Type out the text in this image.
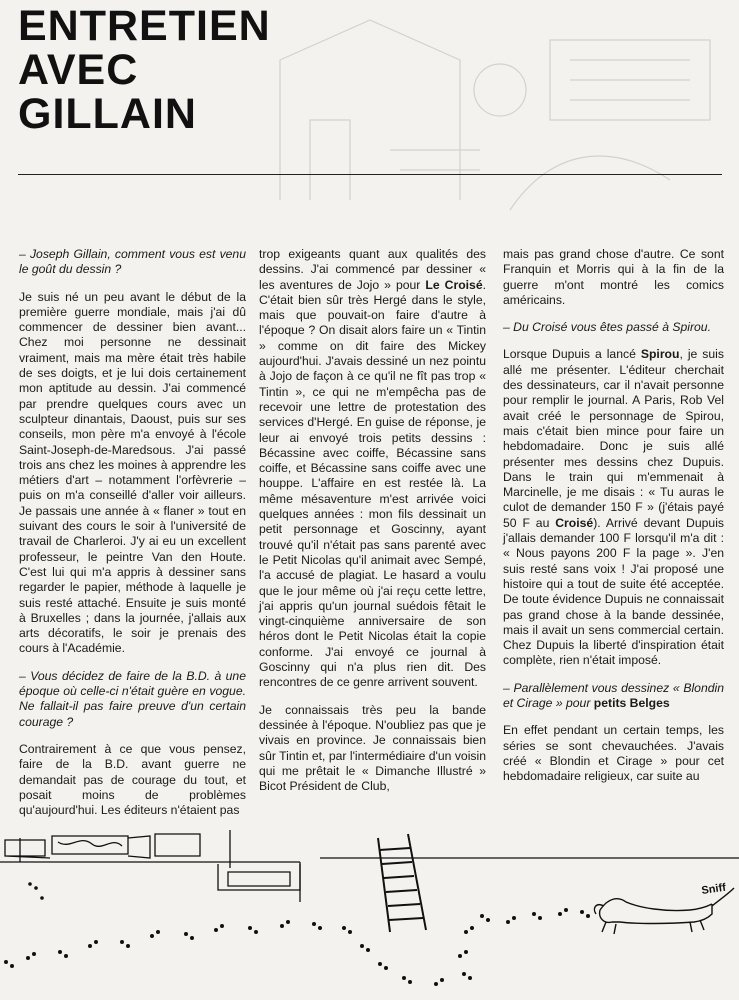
ENTRETIEN
AVEC
GILLAIN

– Joseph Gillain, comment vous est venu le goût du dessin ?

Je suis né un peu avant le début de la première guerre mondiale, mais j'ai dû commencer de dessiner bien avant... Chez moi personne ne dessinait vraiment, mais ma mère était très habile de ses doigts, et je lui dois certainement mon aptitude au dessin. J'ai commencé par prendre quelques cours avec un sculpteur dinantais, Daoust, puis sur ses conseils, mon père m'a envoyé à l'école Saint-Joseph-de-Maredsous. J'ai passé trois ans chez les moines à apprendre les métiers d'art – notamment l'orfèvrerie – puis on m'a conseillé d'aller voir ailleurs. Je passais une année à « flaner » tout en suivant des cours le soir à l'université de travail de Charleroi. J'y ai eu un excellent professeur, le peintre Van den Houte. C'est lui qui m'a appris à dessiner sans regarder le papier, méthode à laquelle je suis resté attaché. Ensuite je suis monté à Bruxelles ; dans la journée, j'allais aux arts décoratifs, le soir je prenais des cours à l'Académie.

– Vous décidez de faire de la B.D. à une époque où celle-ci n'était guère en vogue. Ne fallait-il pas faire preuve d'un certain courage ?

Contrairement à ce que vous pensez, faire de la B.D. avant guerre ne demandait pas de courage du tout, et posait moins de problèmes qu'aujourd'hui. Les éditeurs n'étaient pas

trop exigeants quant aux qualités des dessins. J'ai commencé par dessiner « les aventures de Jojo » pour Le Croisé. C'était bien sûr très Hergé dans le style, mais que pouvait-on faire d'autre à l'époque ? On disait alors faire un « Tintin » comme on dit faire des Mickey aujourd'hui. J'avais dessiné un nez pointu à Jojo de façon à ce qu'il ne fît pas trop « Tintin », ce qui ne m'empêcha pas de recevoir une lettre de protestation des services d'Hergé. En guise de réponse, je leur ai envoyé trois petits dessins : Bécassine avec coiffe, Bécassine sans coiffe, et Bécassine sans coiffe avec une houppe. L'affaire en est restée là. La même mésaventure m'est arrivée voici quelques années : mon fils dessinait un petit personnage et Goscinny, ayant trouvé qu'il n'était pas sans parenté avec le Petit Nicolas qu'il animait avec Sempé, l'a accusé de plagiat. Le hasard a voulu que le jour même où j'ai reçu cette lettre, j'ai appris qu'un journal suédois fêtait le vingt-cinquième anniversaire de son héros dont le Petit Nicolas était la copie conforme. J'ai envoyé ce journal à Goscinny qui n'a plus rien dit. Des rencontres de ce genre arrivent souvent.

Je connaissais très peu la bande dessinée à l'époque. N'oubliez pas que je vivais en province. Je connaissais bien sûr Tintin et, par l'intermédiaire d'un voisin qui me prêtait le « Dimanche Illustré » Bicot Président de Club,

mais pas grand chose d'autre. Ce sont Franquin et Morris qui à la fin de la guerre m'ont montré les comics américains.

– Du Croisé vous êtes passé à Spirou.

Lorsque Dupuis a lancé Spirou, je suis allé me présenter. L'éditeur cherchait des dessinateurs, car il n'avait personne pour remplir le journal. A Paris, Rob Vel avait créé le personnage de Spirou, mais c'était bien mince pour faire un hebdomadaire. Donc je suis allé présenter mes dessins chez Dupuis. Dans le train qui m'emmenait à Marcinelle, je me disais : « Tu auras le culot de demander 150 F » (j'étais payé 50 F au Croisé). Arrivé devant Dupuis j'allais demander 100 F lorsqu'il m'a dit : « Nous payons 200 F la page ». J'en suis resté sans voix ! J'ai proposé une histoire qui a tout de suite été acceptée. De toute évidence Dupuis ne connaissait pas grand chose à la bande dessinée, mais il avait un sens commercial certain. Chez Dupuis la liberté d'inspiration était complète, rien n'était imposé.

– Parallèlement vous dessinez « Blondin et Cirage » pour petits Belges

En effet pendant un certain temps, les séries se sont chevauchées. J'avais créé « Blondin et Cirage » pour cet hebdomadaire religieux, car suite au

Sniff
